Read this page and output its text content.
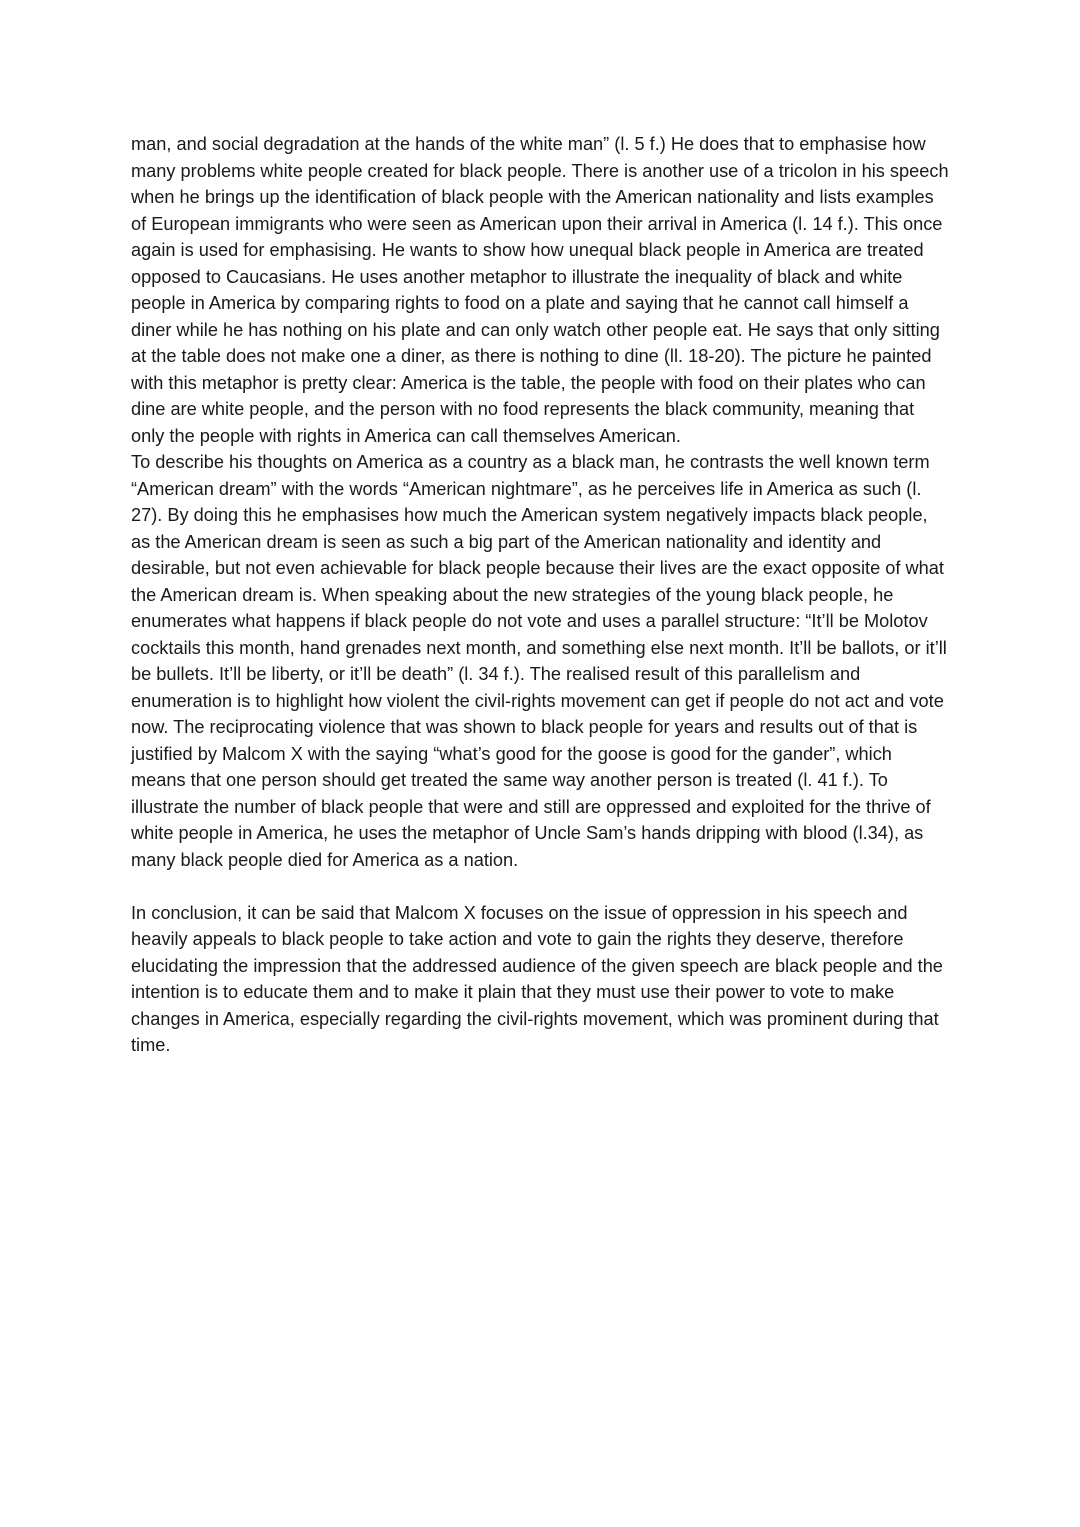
man, and social degradation at the hands of the white man” (l. 5 f.) He does that to emphasise how many problems white people created for black people. There is another use of a tricolon in his speech when he brings up the identification of black people with the American nationality and lists examples of European immigrants who were seen as American upon their arrival in America (l. 14 f.). This once again is used for emphasising. He wants to show how unequal black people in America are treated opposed to Caucasians. He uses another metaphor to illustrate the inequality of black and white people in America by comparing rights to food on a plate and saying that he cannot call himself a diner while he has nothing on his plate and can only watch other people eat. He says that only sitting at the table does not make one a diner, as there is nothing to dine (ll. 18-20). The picture he painted with this metaphor is pretty clear: America is the table, the people with food on their plates who can dine are white people, and the person with no food represents the black community, meaning that only the people with rights in America can call themselves American.

To describe his thoughts on America as a country as a black man, he contrasts the well known term “American dream” with the words “American nightmare”, as he perceives life in America as such (l. 27). By doing this he emphasises how much the American system negatively impacts black people, as the American dream is seen as such a big part of the American nationality and identity and desirable, but not even achievable for black people because their lives are the exact opposite of what the American dream is. When speaking about the new strategies of the young black people, he enumerates what happens if black people do not vote and uses a parallel structure: “It’ll be Molotov cocktails this month, hand grenades next month, and something else next month. It’ll be ballots, or it’ll be bullets. It’ll be liberty, or it’ll be death” (l. 34 f.). The realised result of this parallelism and enumeration is to highlight how violent the civil-rights movement can get if people do not act and vote now. The reciprocating violence that was shown to black people for years and results out of that is justified by Malcom X with the saying “what’s good for the goose is good for the gander”, which means that one person should get treated the same way another person is treated (l. 41 f.). To illustrate the number of black people that were and still are oppressed and exploited for the thrive of white people in America, he uses the metaphor of Uncle Sam’s hands dripping with blood (l.34), as many black people died for America as a nation.

In conclusion, it can be said that Malcom X focuses on the issue of oppression in his speech and heavily appeals to black people to take action and vote to gain the rights they deserve, therefore elucidating the impression that the addressed audience of the given speech are black people and the intention is to educate them and to make it plain that they must use their power to vote to make changes in America, especially regarding the civil-rights movement, which was prominent during that time.
